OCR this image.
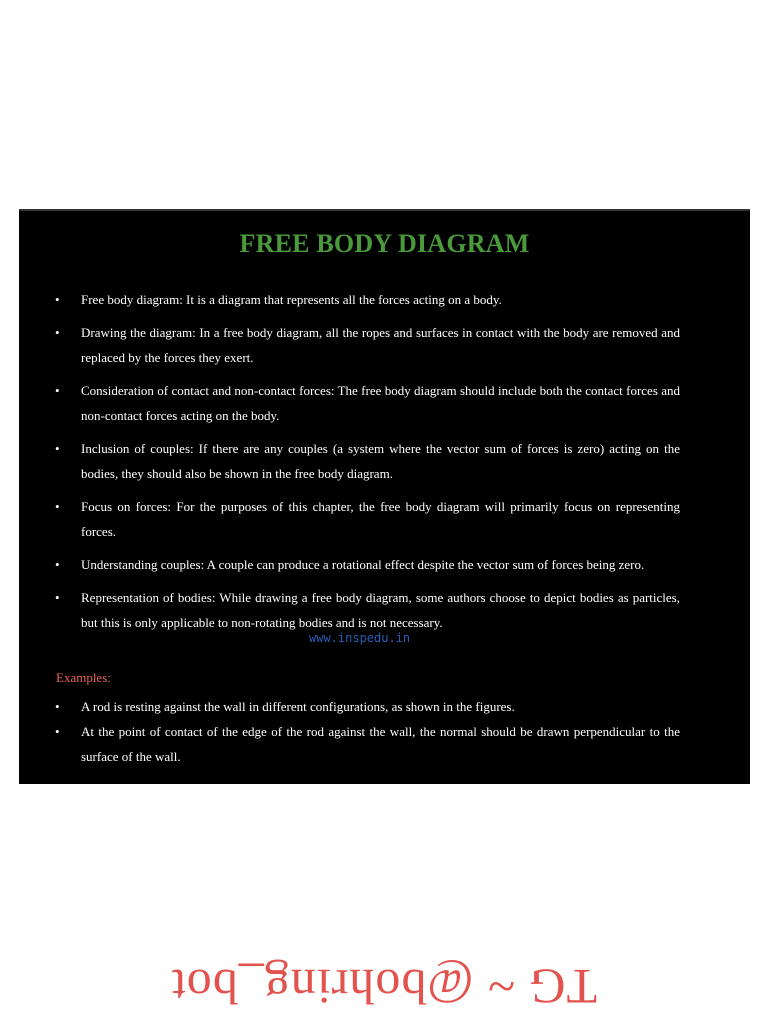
FREE BODY DIAGRAM
• Free body diagram: It is a diagram that represents all the forces acting on a body.
• Drawing the diagram: In a free body diagram, all the ropes and surfaces in contact with the body are removed and replaced by the forces they exert.
• Consideration of contact and non-contact forces: The free body diagram should include both the contact forces and non-contact forces acting on the body.
• Inclusion of couples: If there are any couples (a system where the vector sum of forces is zero) acting on the bodies, they should also be shown in the free body diagram.
• Focus on forces: For the purposes of this chapter, the free body diagram will primarily focus on representing forces.
• Understanding couples: A couple can produce a rotational effect despite the vector sum of forces being zero.
• Representation of bodies: While drawing a free body diagram, some authors choose to depict bodies as particles, but this is only applicable to non-rotating bodies and is not necessary.
www.inspedu.in
Examples:
• A rod is resting against the wall in different configurations, as shown in the figures.
• At the point of contact of the edge of the rod against the wall, the normal should be drawn perpendicular to the surface of the wall.
TG ~ @bohring_bot
